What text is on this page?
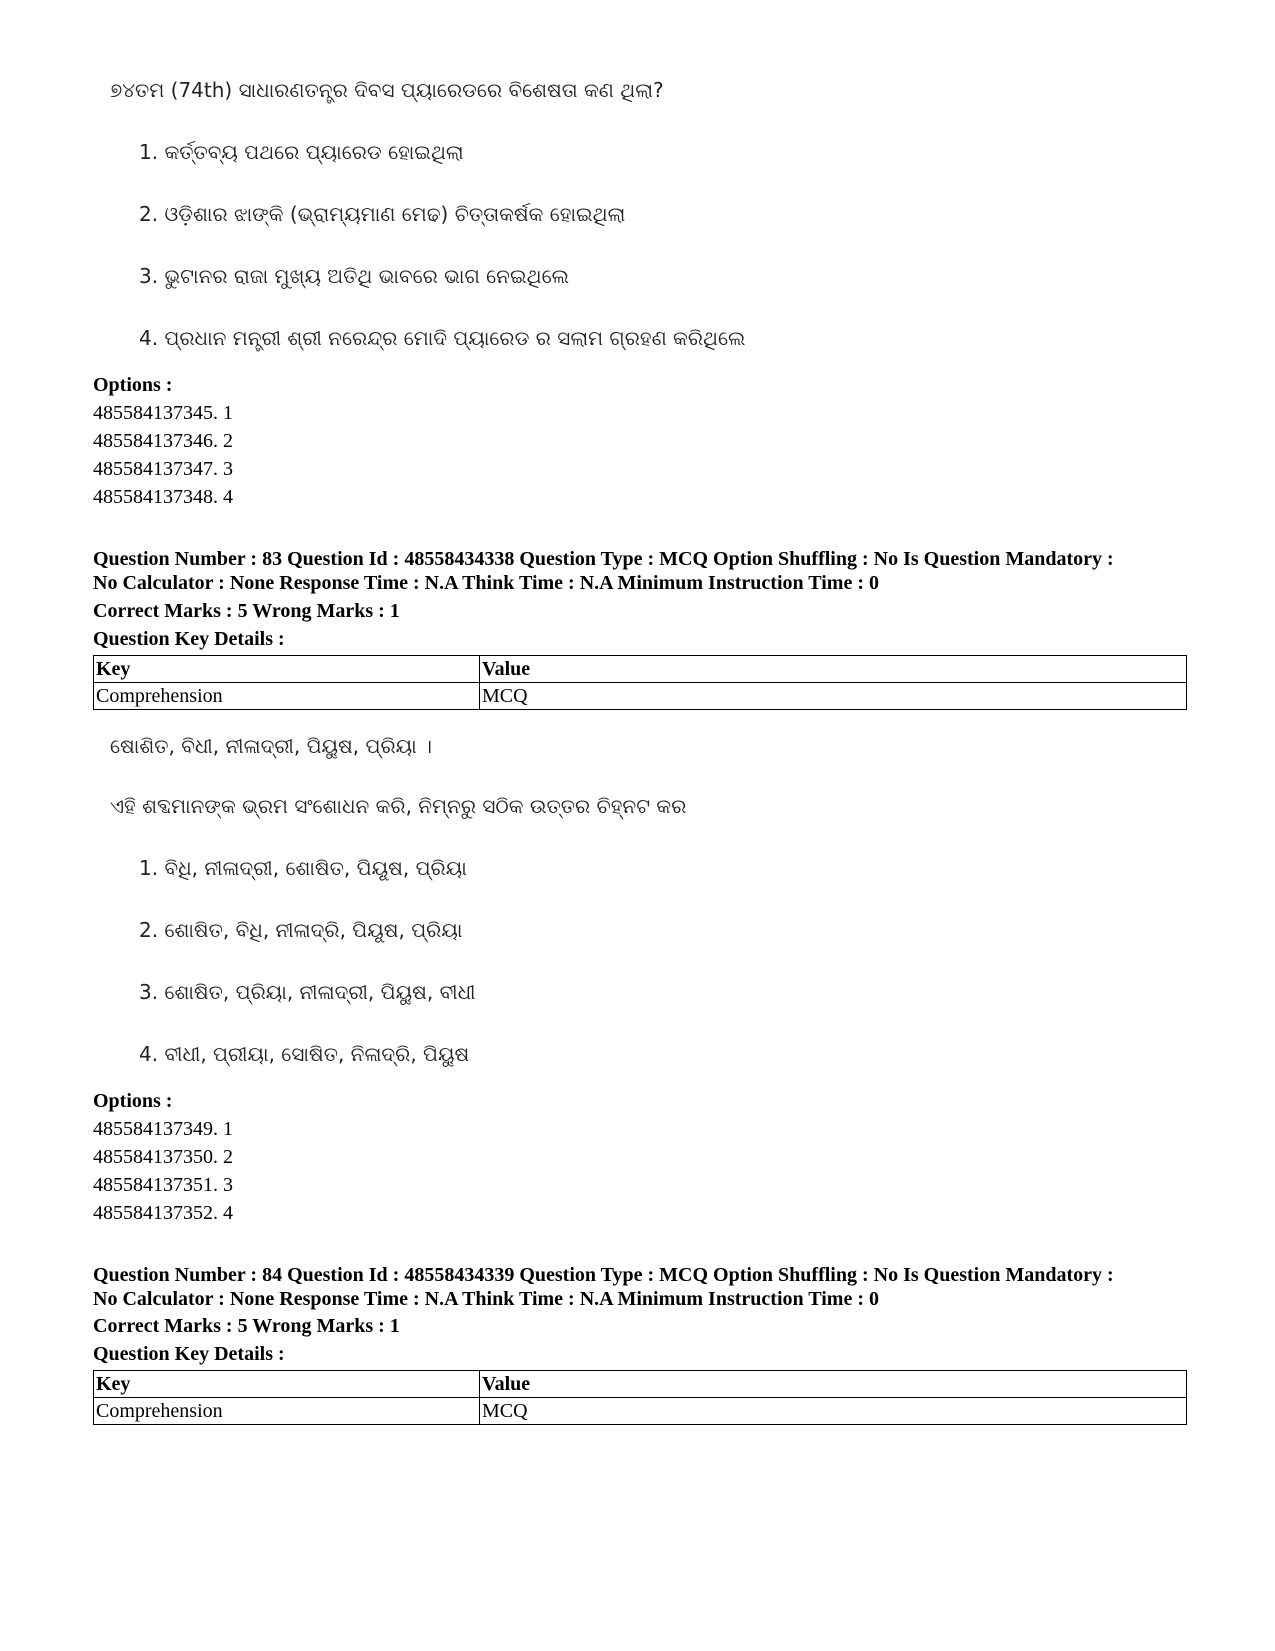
୭୪ତମ (74th) ସାଧାରଣତନ୍ତ୍ର ଦିବସ ପ୍ୟାରେଡରେ ବିଶେଷତା କଣ ଥିଲା?
1. କର୍ତ୍ତବ୍ୟ ପଥରେ ପ୍ୟାରେଡ ହୋଇଥିଲା
2. ଓଡ଼ିଶାର ଝାଙ୍କି (ଭ୍ରାମ୍ୟମାଣ ମେଢ) ଚିତ୍ତାକର୍ଷକ ହୋଇଥିଲା
3. ଭୁଟାନର ରାଜା ମୁଖ୍ୟ ଅତିଥି ଭାବରେ ଭାଗ ନେଇଥିଲେ
4. ପ୍ରଧାନ ମନ୍ତ୍ରୀ ଶ୍ରୀ ନରେନ୍ଦ୍ର ମୋଦି ପ୍ୟାରେଡ ର ସଲାମ ଗ୍ରହଣ କରିଥିଲେ
Options :
485584137345. 1
485584137346. 2
485584137347. 3
485584137348. 4
Question Number : 83 Question Id : 48558434338 Question Type : MCQ Option Shuffling : No Is Question Mandatory :
No Calculator : None Response Time : N.A Think Time : N.A Minimum Instruction Time : 0
Correct Marks : 5 Wrong Marks : 1
Question Key Details :
Key	Value
Comprehension	MCQ
ଷୋଶିତ, ବିଧୀ, ନୀଳାଦ୍ରୀ, ପିୟୁଷ, ପ୍ରିୟା ।
ଏହି ଶବ୍ଦମାନଙ୍କ ଭ୍ରମ ସଂଶୋଧନ କରି, ନିମ୍ନରୁ ସଠିକ ଉତ୍ତର ଚିହ୍ନଟ କର
1. ବିଧି, ନୀଳାଦ୍ରୀ, ଶୋଷିତ, ପିୟୂଷ, ପ୍ରିୟା
2. ଶୋଷିତ, ବିଧି, ନୀଳାଦ୍ରି, ପିୟୂଷ, ପ୍ରିୟା
3. ଶୋଷିତ, ପ୍ରିୟା, ନୀଳାଦ୍ରୀ, ପିୟୁଷ, ବୀଧୀ
4. ବୀଧୀ, ପ୍ରୀୟା, ସୋଷିତ, ନିଳାଦ୍ରି, ପିୟୁଷ
Options :
485584137349. 1
485584137350. 2
485584137351. 3
485584137352. 4
Question Number : 84 Question Id : 48558434339 Question Type : MCQ Option Shuffling : No Is Question Mandatory :
No Calculator : None Response Time : N.A Think Time : N.A Minimum Instruction Time : 0
Correct Marks : 5 Wrong Marks : 1
Question Key Details :
Key	Value
Comprehension	MCQ
